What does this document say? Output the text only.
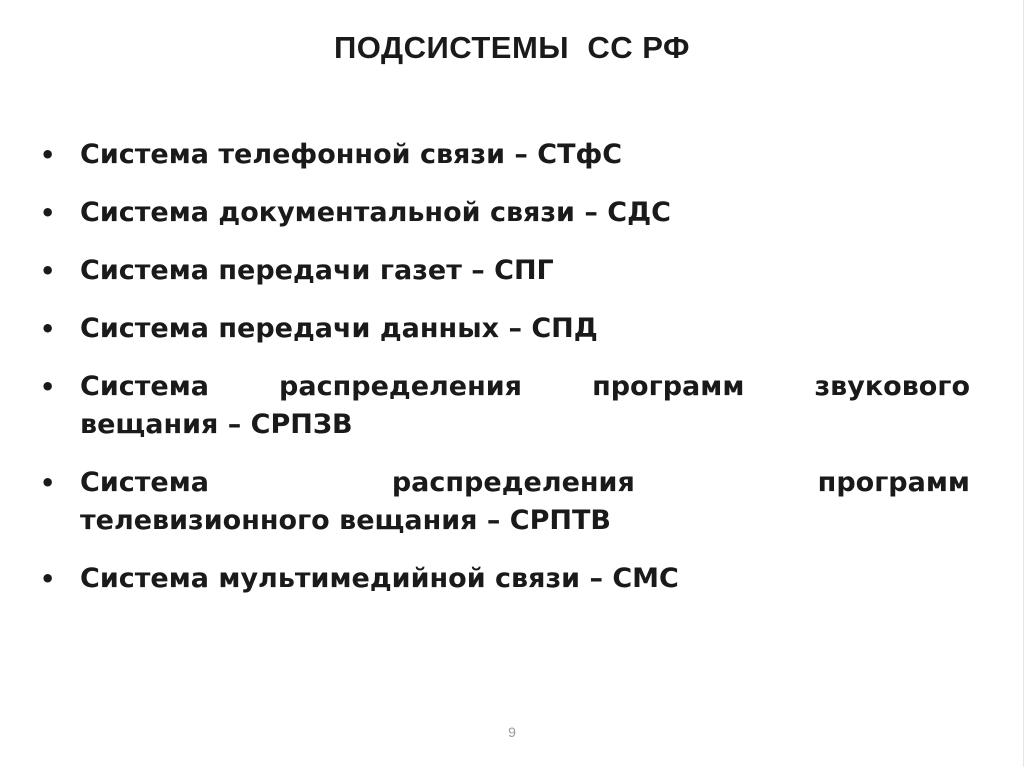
ПОДСИСТЕМЫ  СС РФ
• Система телефонной связи – СТфС
• Система документальной связи – СДС
• Система передачи газет – СПГ
• Система передачи данных – СПД
• Система распределения программ звукового
вещания – СРПЗВ
• Система распределения программ
телевизионного вещания – СРПТВ
• Система мультимедийной связи – СМС
9
